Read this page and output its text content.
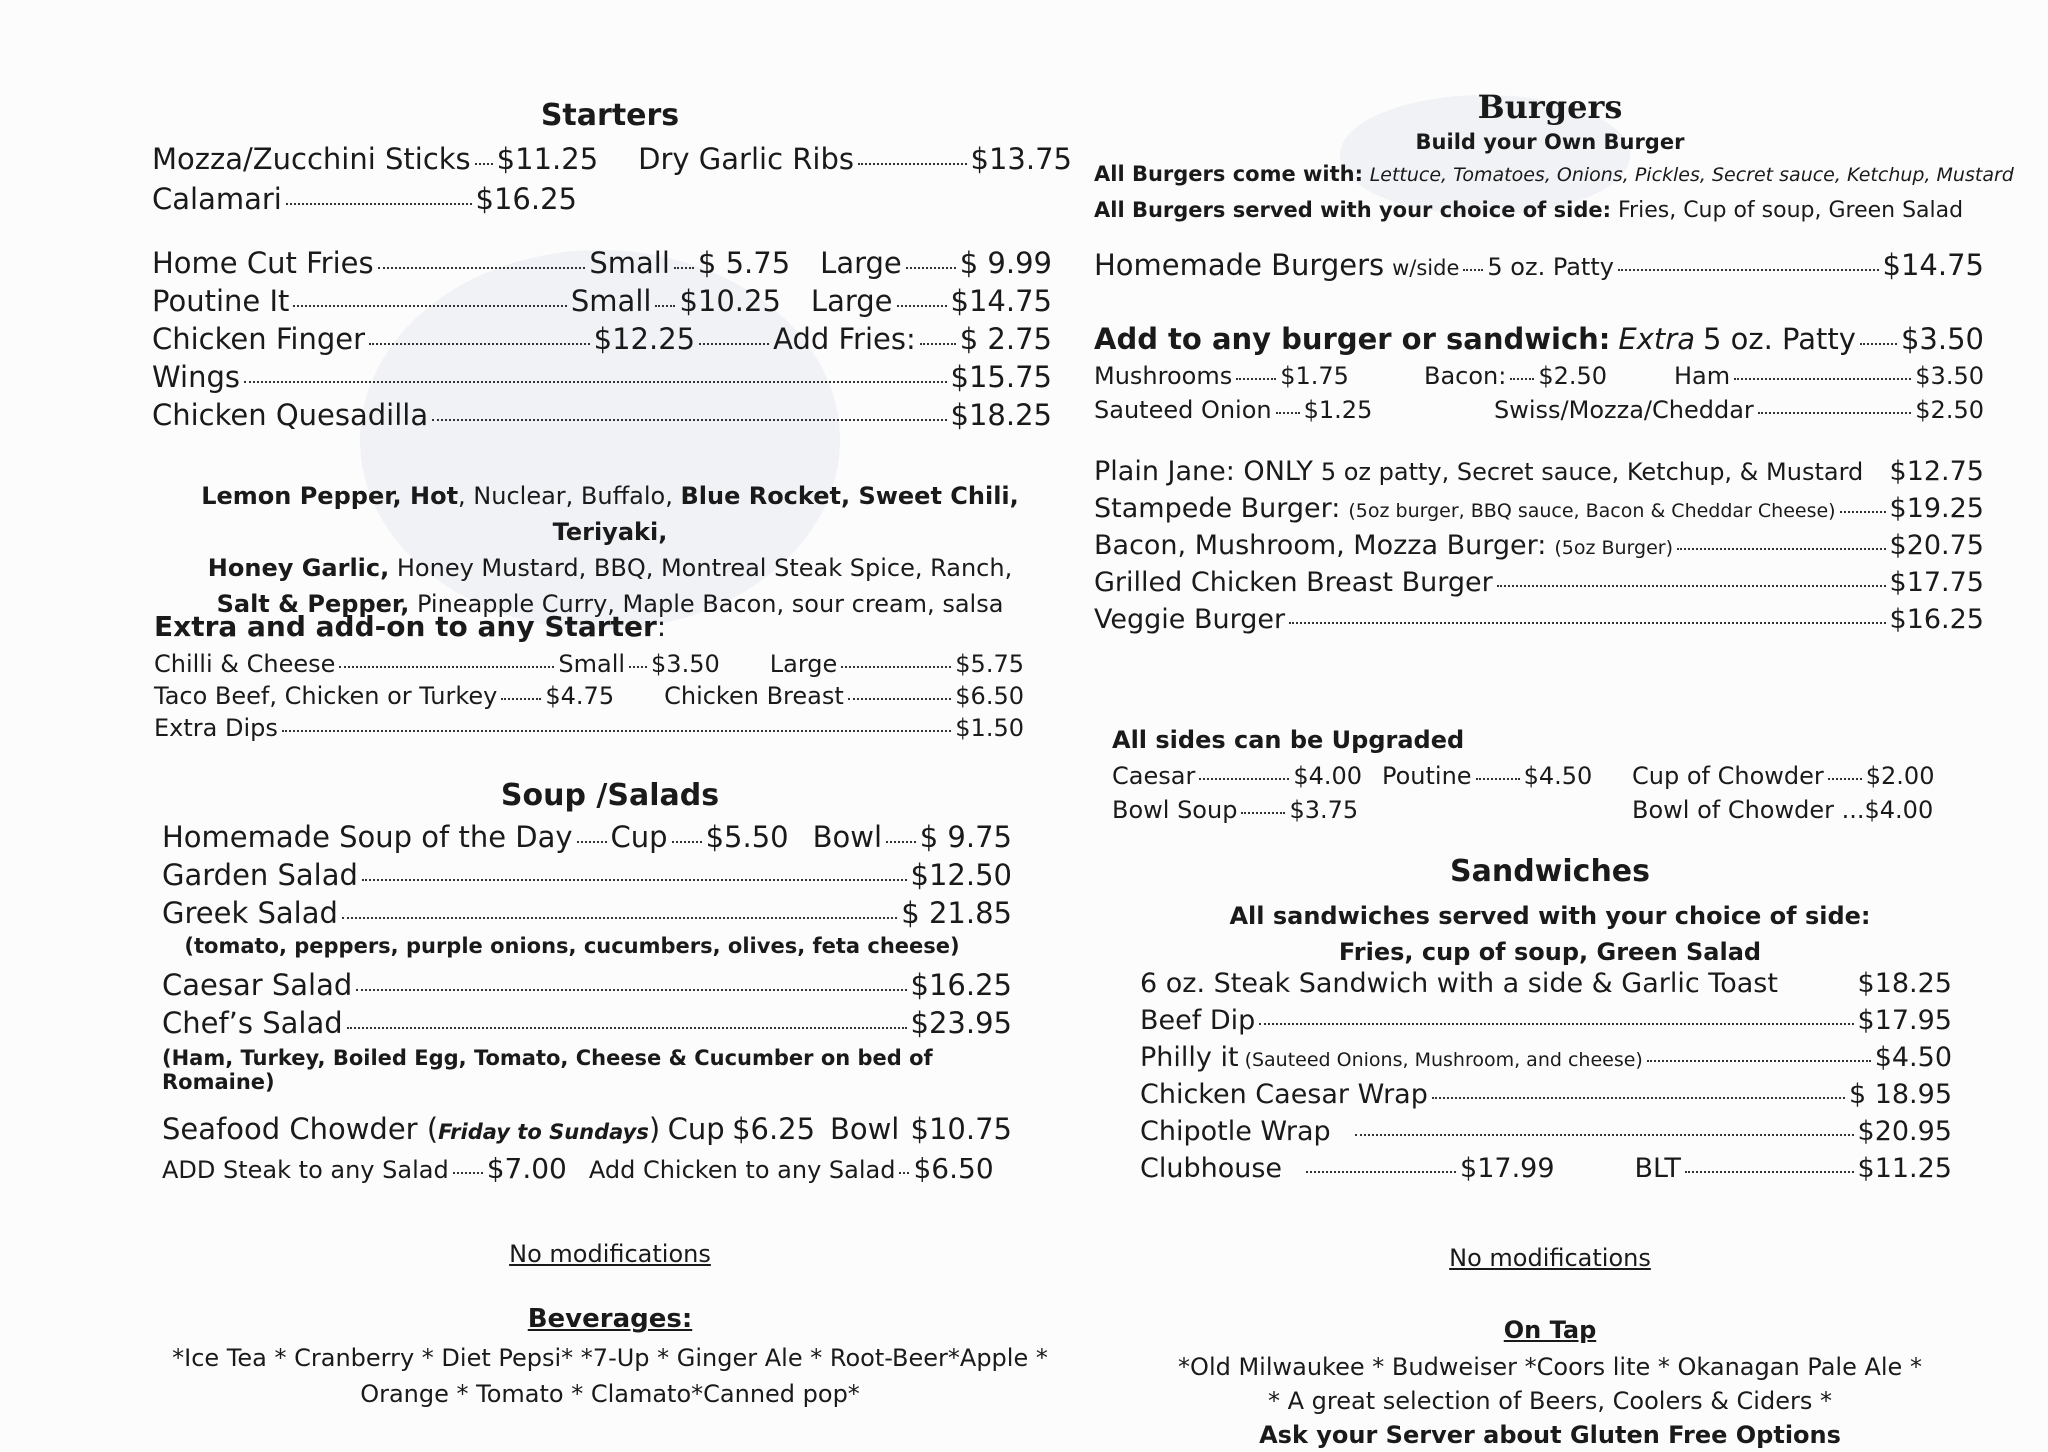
Starters
Mozza/Zucchini Sticks $11.25 Dry Garlic Ribs	$13.75
Calamari	$16.25
Home Cut Fries	Small $ 5.75 Large $ 9.99
Poutine It	Small $10.25 Large $14.75
Chicken Finger	$12.25	Add Fries: $ 2.75
Wings	$15.75
Chicken Quesadilla	$18.25
Lemon Pepper, Hot, Nuclear, Buffalo, Blue Rocket, Sweet Chili, Teriyaki,
Honey Garlic, Honey Mustard, BBQ, Montreal Steak Spice, Ranch,
Salt & Pepper, Pineapple Curry, Maple Bacon, sour cream, salsa
Extra and add-on to any Starter:
Chilli & Cheese	Small $3.50 Large	$5.75
Taco Beef, Chicken or Turkey $4.75 Chicken Breast	$6.50
Extra Dips	$1.50
Soup /Salads
Homemade Soup of the Day Cup $5.50 Bowl $ 9.75
Garden Salad	$12.50
Greek Salad	$ 21.85
(tomato, peppers, purple onions, cucumbers, olives, feta cheese)
Caesar Salad	$16.25
Chef’s Salad	$23.95
(Ham, Turkey, Boiled Egg, Tomato, Cheese & Cucumber on bed of Romaine)
Seafood Chowder ( Friday to Sundays ) Cup $6.25 Bowl $10.75
ADD Steak to any Salad $7.00 Add Chicken to any Salad $6.50
No modifications
Beverages:
*Ice Tea * Cranberry * Diet Pepsi* *7-Up * Ginger Ale * Root-Beer*Apple *
Orange * Tomato * Clamato*Canned pop*
Burgers
Build your Own Burger
All Burgers come with: Lettuce, Tomatoes, Onions, Pickles, Secret sauce, Ketchup, Mustard
All Burgers served with your choice of side: Fries, Cup of soup, Green Salad
Homemade Burgers w/side 5 oz. Patty	$14.75
Add to any burger or sandwich: Extra 5 oz. Patty $3.50
Mushrooms $1.75	Bacon: $2.50	Ham	$3.50
Sauteed Onion $1.25	Swiss/Mozza/Cheddar	$2.50
Plain Jane: ONLY 5 oz patty, Secret sauce, Ketchup, & Mustard $12.75
Stampede Burger: (5oz burger, BBQ sauce, Bacon & Cheddar Cheese) $19.25
Bacon, Mushroom, Mozza Burger: (5oz Burger)	$20.75
Grilled Chicken Breast Burger	$17.75
Veggie Burger	$16.25
All sides can be Upgraded
Caesar	$4.00 Poutine $4.50 Cup of Chowder $2.00
Bowl Soup $3.75	Bowl of Chowder ... $4.00
Sandwiches
All sandwiches served with your choice of side:
Fries, cup of soup, Green Salad
6 oz. Steak Sandwich with a side & Garlic Toast	$18.25
Beef Dip	$17.95
Philly it (Sauteed Onions, Mushroom, and cheese)	$4.50
Chicken Caesar Wrap	$ 18.95
Chipotle Wrap	$20.95
Clubhouse	$17.99	BLT	$11.25
No modifications
On Tap
*Old Milwaukee * Budweiser *Coors lite * Okanagan Pale Ale *
* A great selection of Beers, Coolers & Ciders *
Ask your Server about Gluten Free Options
